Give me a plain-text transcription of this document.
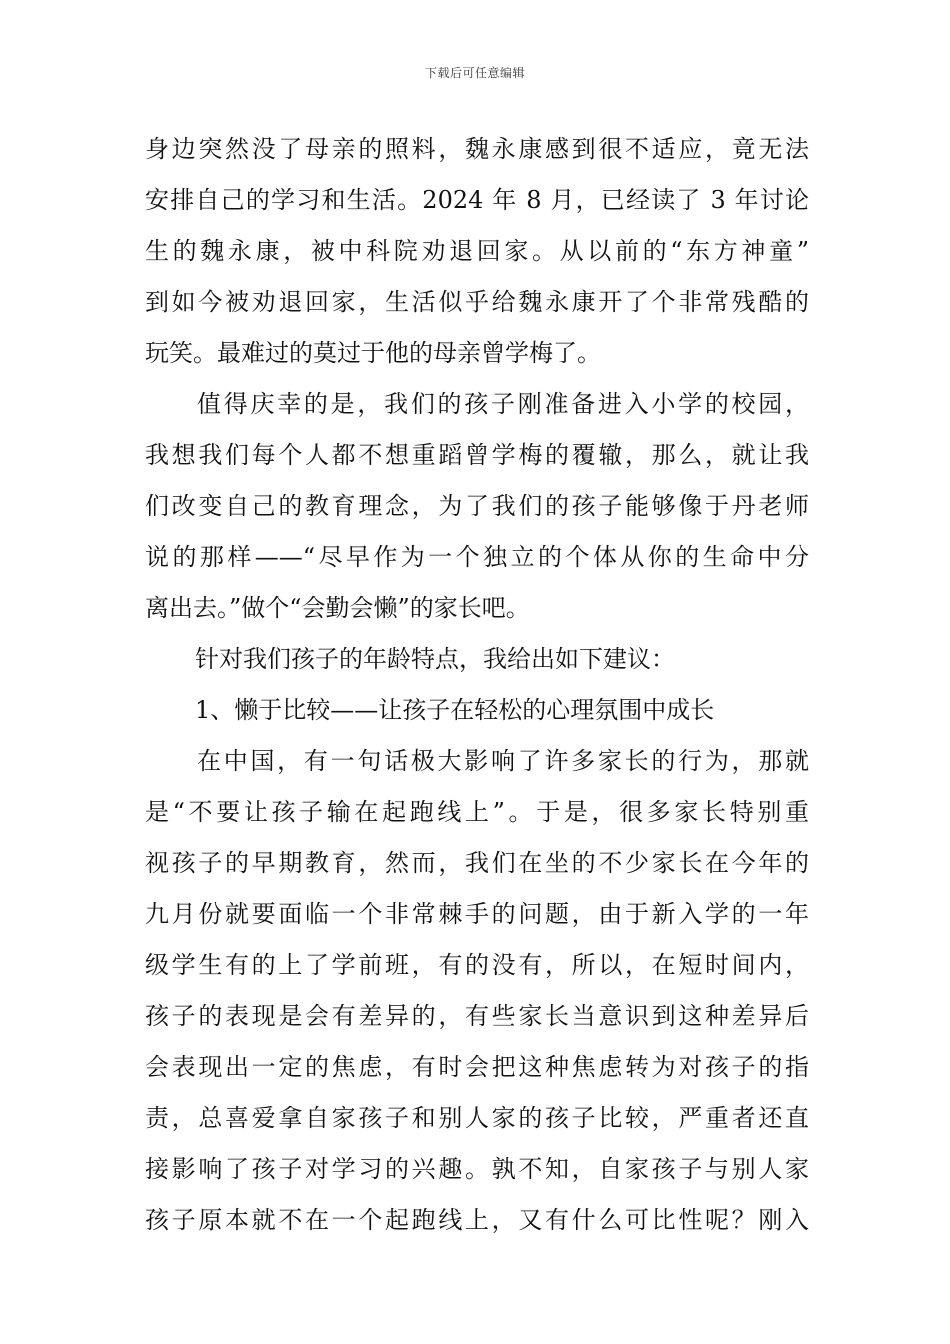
下载后可任意编辑
身边突然没了母亲的照料，魏永康感到很不适应，竟无法
安排自己的学习和生活。2024 年 8 月，已经读了 3 年讨论
生的魏永康，被中科院劝退回家。从以前的“东方神童”
到如今被劝退回家，生活似乎给魏永康开了个非常残酷的
玩笑。最难过的莫过于他的母亲曾学梅了。
值得庆幸的是，我们的孩子刚准备进入小学的校园，
我想我们每个人都不想重蹈曾学梅的覆辙，那么，就让我
们改变自己的教育理念，为了我们的孩子能够像于丹老师
说的那样——“尽早作为一个独立的个体从你的生命中分
离出去。”做个“会勤会懒”的家长吧。
针对我们孩子的年龄特点，我给出如下建议：
1、懒于比较——让孩子在轻松的心理氛围中成长
在中国，有一句话极大影响了许多家长的行为，那就
是“不要让孩子输在起跑线上”。于是，很多家长特别重
视孩子的早期教育，然而，我们在坐的不少家长在今年的
九月份就要面临一个非常棘手的问题，由于新入学的一年
级学生有的上了学前班，有的没有，所以，在短时间内，
孩子的表现是会有差异的，有些家长当意识到这种差异后
会表现出一定的焦虑，有时会把这种焦虑转为对孩子的指
责，总喜爱拿自家孩子和别人家的孩子比较，严重者还直
接影响了孩子对学习的兴趣。孰不知，自家孩子与别人家
孩子原本就不在一个起跑线上，又有什么可比性呢？刚入
